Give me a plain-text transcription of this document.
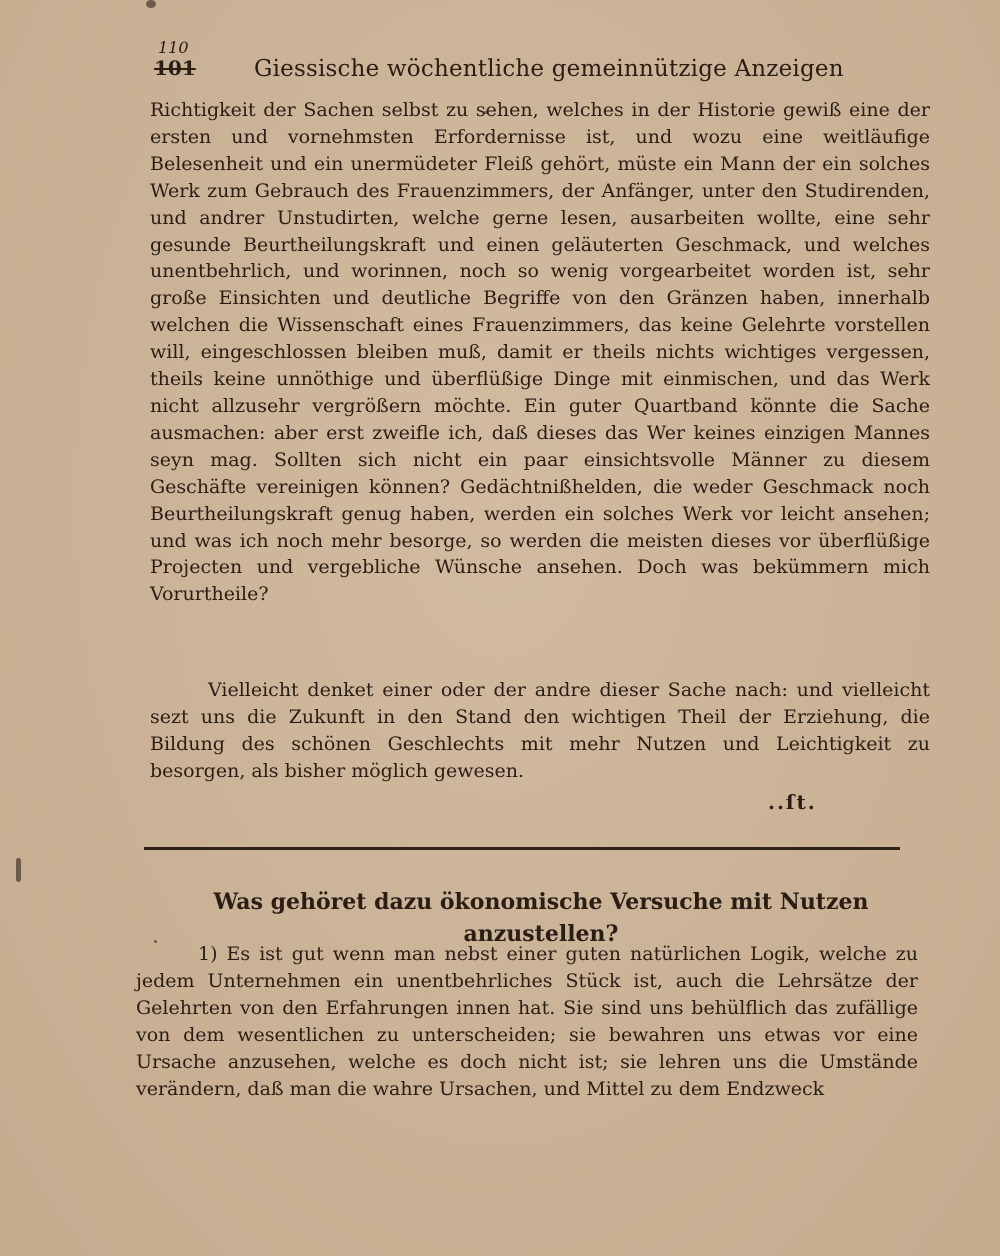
110
101	Giessische wöchentliche gemeinnützige Anzeigen

Richtigkeit der Sachen selbst zu sehen, welches in der Historie gewiß eine der ersten und vornehmsten Erfordernisse ist, und wozu eine weitläufige Belesenheit und ein unermüdeter Fleiß gehört, müste ein Mann der ein solches Werk zum Gebrauch des Frauenzimmers, der Anfänger, unter den Studirenden, und andrer Unstudirten, welche gerne lesen, ausarbeiten wollte, eine sehr gesunde Beurtheilungskraft und einen geläuterten Geschmack, und welches unentbehrlich, und worinnen, noch so wenig vorgearbeitet worden ist, sehr große Einsichten und deutliche Begriffe von den Gränzen haben, innerhalb welchen die Wissenschaft eines Frauenzimmers, das keine Gelehrte vorstellen will, eingeschlossen bleiben muß, damit er theils nichts wichtiges vergessen, theils keine unnöthige und überflüßige Dinge mit einmischen, und das Werk nicht allzusehr vergrößern möchte. Ein guter Quartband könnte die Sache ausmachen: aber erst zweifle ich, daß dieses das Wer keines einzigen Mannes seyn mag. Sollten sich nicht ein paar einsichtsvolle Männer zu diesem Geschäfte vereinigen können? Gedächtnißhelden, die weder Geschmack noch Beurtheilungskraft genug haben, werden ein solches Werk vor leicht ansehen; und was ich noch mehr besorge, so werden die meisten dieses vor überflüßige Projecten und vergebliche Wünsche ansehen. Doch was bekümmern mich Vorurtheile?

Vielleicht denket einer oder der andre dieser Sache nach: und vielleicht sezt uns die Zukunft in den Stand den wichtigen Theil der Erziehung, die Bildung des schönen Geschlechts mit mehr Nutzen und Leichtigkeit zu besorgen, als bisher möglich gewesen.

..ſt.
Was gehöret dazu ökonomische Versuche mit Nutzen anzustellen?

1) Es ist gut wenn man nebst einer guten natürlichen Logik, welche zu jedem Unternehmen ein unentbehrliches Stück ist, auch die Lehrsätze der Gelehrten von den Erfahrungen innen hat. Sie sind uns behülflich das zufällige von dem wesentlichen zu unterscheiden; sie bewahren uns etwas vor eine Ursache anzusehen, welche es doch nicht ist; sie lehren uns die Umstände verändern, daß man die wahre Ursachen, und Mittel zu dem Endzweck
